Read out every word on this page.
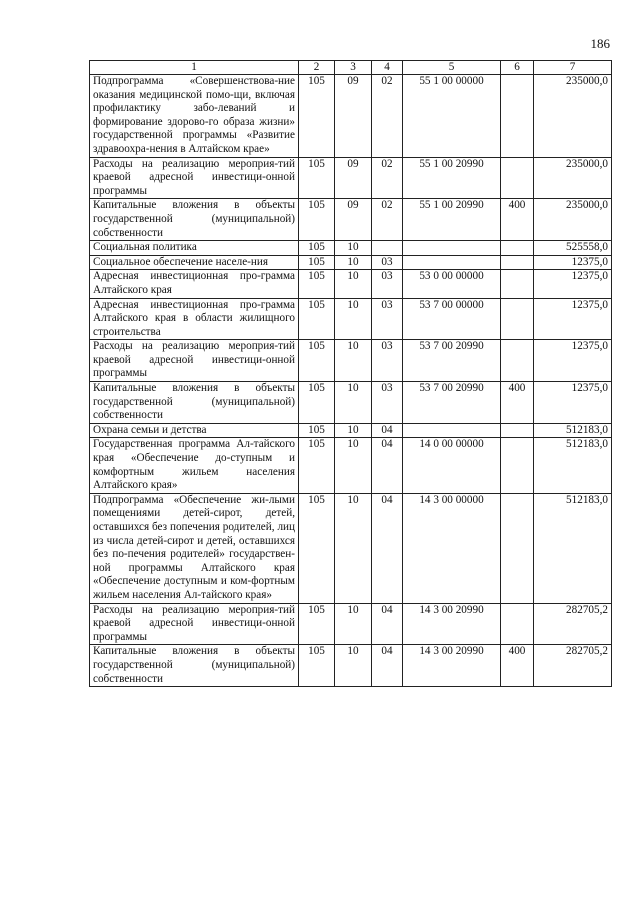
186
1	2	3	4	5	6	7
Подпрограмма «Совершенствова-ние оказания медицинской помо-щи, включая профилактику забо-леваний и формирование здорово-го образа жизни» государственной программы «Развитие здравоохра-нения в Алтайском крае»	105	09	02	55 1 00 00000		235000,0
Расходы на реализацию мероприя-тий краевой адресной инвестици-онной программы	105	09	02	55 1 00 20990		235000,0
Капитальные вложения в объекты государственной (муниципальной) собственности	105	09	02	55 1 00 20990	400	235000,0
Социальная политика	105	10				525558,0
Социальное обеспечение населе-ния	105	10	03			12375,0
Адресная инвестиционная про-грамма Алтайского края	105	10	03	53 0 00 00000		12375,0
Адресная инвестиционная про-грамма Алтайского края в области жилищного строительства	105	10	03	53 7 00 00000		12375,0
Расходы на реализацию мероприя-тий краевой адресной инвестици-онной программы	105	10	03	53 7 00 20990		12375,0
Капитальные вложения в объекты государственной (муниципальной) собственности	105	10	03	53 7 00 20990	400	12375,0
Охрана семьи и детства	105	10	04			512183,0
Государственная программа Ал-тайского края «Обеспечение до-ступным и комфортным жильем населения Алтайского края»	105	10	04	14 0 00 00000		512183,0
Подпрограмма «Обеспечение жи-лыми помещениями детей-сирот, детей, оставшихся без попечения родителей, лиц из числа детей-сирот и детей, оставшихся без по-печения родителей» государствен-ной программы Алтайского края «Обеспечение доступным и ком-фортным жильем населения Ал-тайского края»	105	10	04	14 3 00 00000		512183,0
Расходы на реализацию мероприя-тий краевой адресной инвестици-онной программы	105	10	04	14 3 00 20990		282705,2
Капитальные вложения в объекты государственной (муниципальной) собственности	105	10	04	14 3 00 20990	400	282705,2
